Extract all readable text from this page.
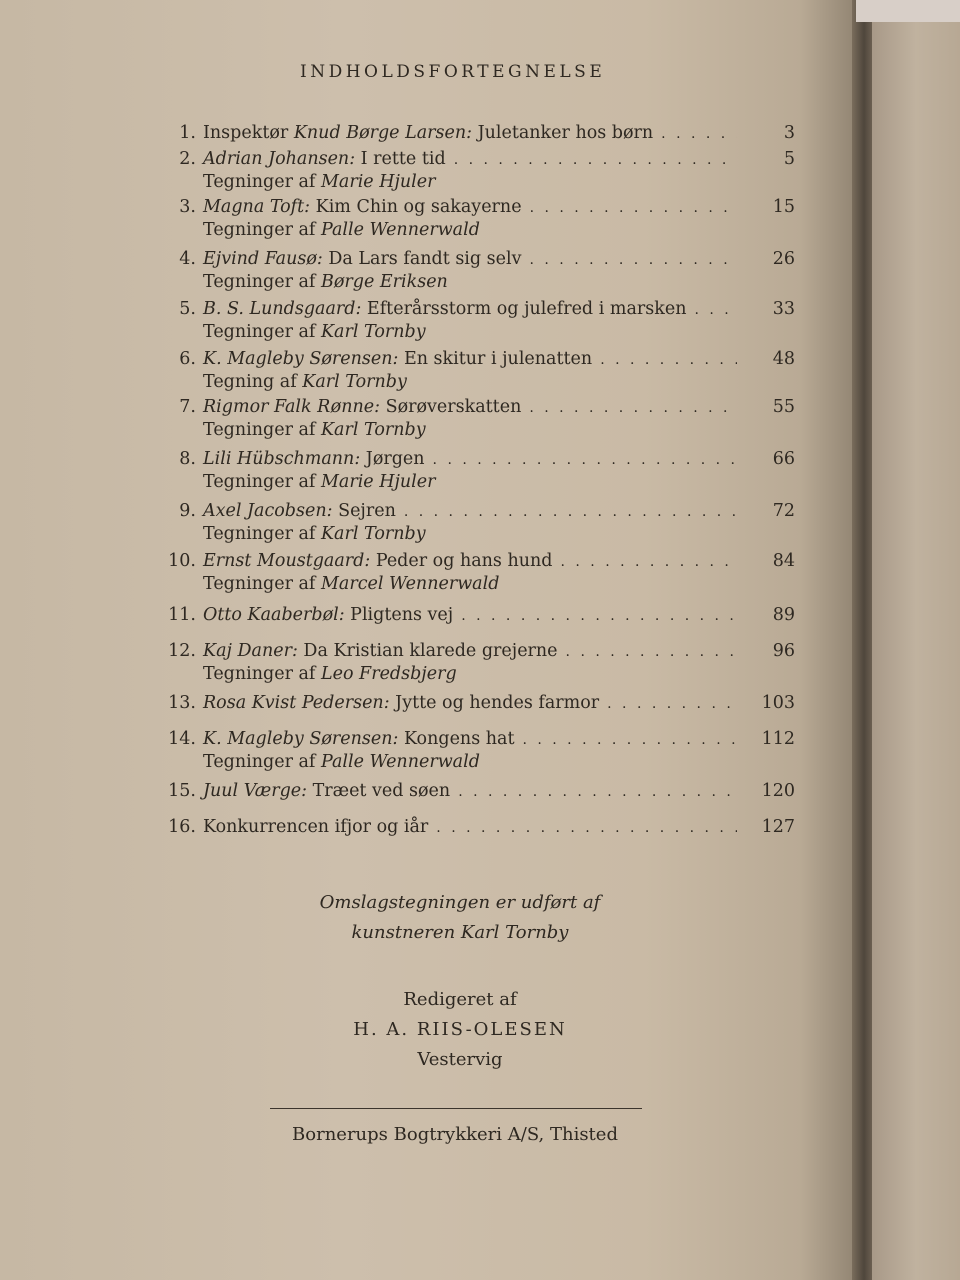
INDHOLDSFORTEGNELSE
1. Inspektør Knud Børge Larsen: Juletanker hos børn . . .	3
2. Adrian Johansen: I rette tid . . .	5
Tegninger af Marie Hjuler
3. Magna Toft: Kim Chin og sakayerne . . .	15
Tegninger af Palle Wennerwald
4. Ejvind Fausø: Da Lars fandt sig selv . . .	26
Tegninger af Børge Eriksen
5. B. S. Lundsgaard: Efterårsstorm og julefred i marsken . . .	33
Tegninger af Karl Tornby
6. K. Magleby Sørensen: En skitur i julenatten . . .	48
Tegning af Karl Tornby
7. Rigmor Falk Rønne: Sørøverskatten . . .	55
Tegninger af Karl Tornby
8. Lili Hübschmann: Jørgen . . .	66
Tegninger af Marie Hjuler
9. Axel Jacobsen: Sejren . . .	72
Tegninger af Karl Tornby
10. Ernst Moustgaard: Peder og hans hund . . .	84
Tegninger af Marcel Wennerwald
11. Otto Kaaberbøl: Pligtens vej . . .	89
12. Kaj Daner: Da Kristian klarede grejerne . . .	96
Tegninger af Leo Fredsbjerg
13. Rosa Kvist Pedersen: Jytte og hendes farmor . . .	103
14. K. Magleby Sørensen: Kongens hat . . .	112
Tegninger af Palle Wennerwald
15. Juul Værge: Træet ved søen . . .	120
16. Konkurrencen ifjor og iår . . .	127
Omslagstegningen er udført af
kunstneren Karl Tornby
Redigeret af
H. A. RIIS-OLESEN
Vestervig
Bornerups Bogtrykkeri A/S, Thisted
